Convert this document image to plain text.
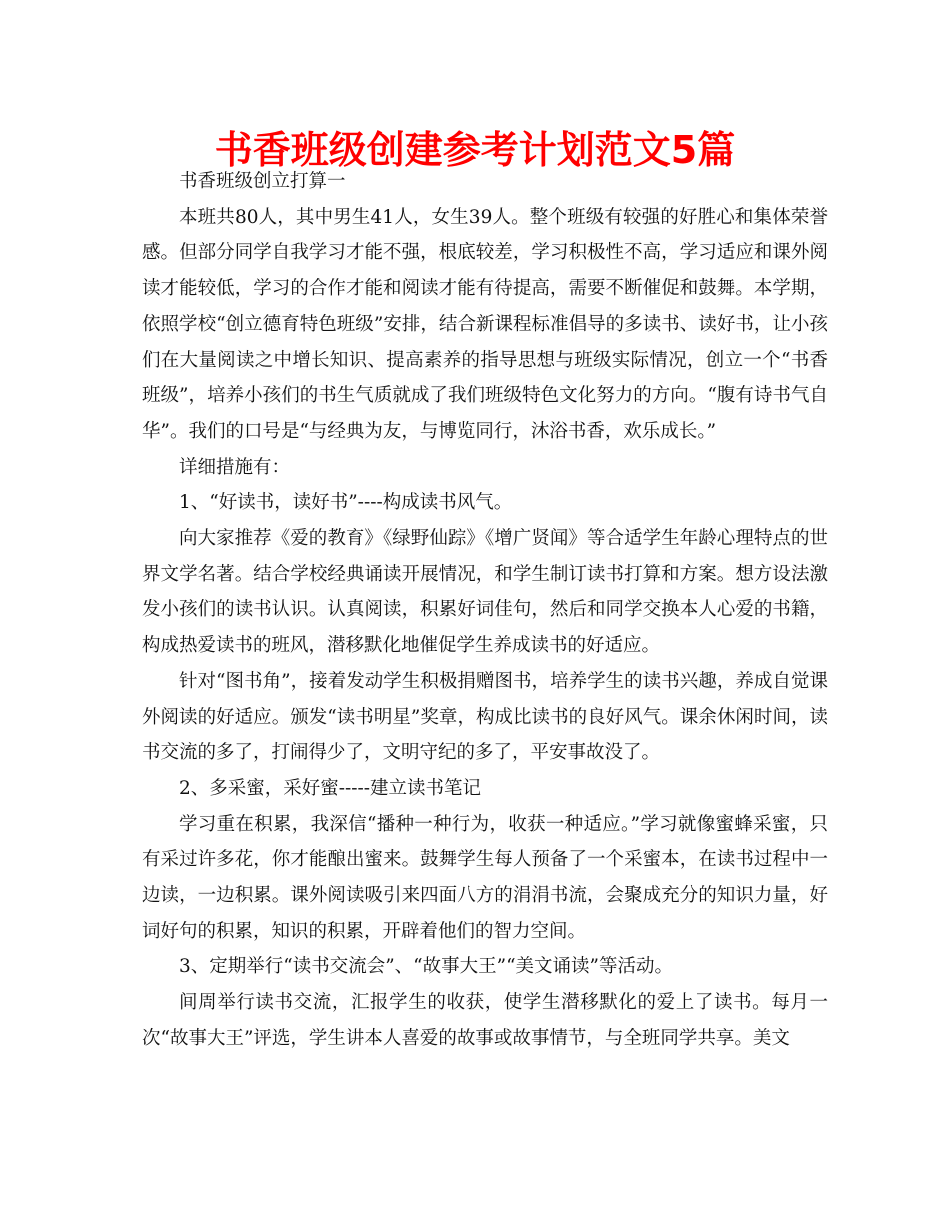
书香班级创建参考计划范文5篇

书香班级创立打算一

本班共80人，其中男生41人，女生39人。整个班级有较强的好胜心和集体荣誉感。但部分同学自我学习才能不强，根底较差，学习积极性不高，学习适应和课外阅读才能较低，学习的合作才能和阅读才能有待提高，需要不断催促和鼓舞。本学期，依照学校“创立德育特色班级”安排，结合新课程标准倡导的多读书、读好书，让小孩们在大量阅读之中增长知识、提高素养的指导思想与班级实际情况，创立一个“书香班级”，培养小孩们的书生气质就成了我们班级特色文化努力的方向。“腹有诗书气自华”。我们的口号是“与经典为友，与博览同行，沐浴书香，欢乐成长。”

详细措施有：

1、“好读书，读好书”----构成读书风气。

向大家推荐《爱的教育》《绿野仙踪》《增广贤闻》等合适学生年龄心理特点的世界文学名著。结合学校经典诵读开展情况，和学生制订读书打算和方案。想方设法激发小孩们的读书认识。认真阅读，积累好词佳句，然后和同学交换本人心爱的书籍，构成热爱读书的班风，潜移默化地催促学生养成读书的好适应。

针对“图书角”，接着发动学生积极捐赠图书，培养学生的读书兴趣，养成自觉课外阅读的好适应。颁发“读书明星”奖章，构成比读书的良好风气。课余休闲时间，读书交流的多了，打闹得少了，文明守纪的多了，平安事故没了。

2、多采蜜，采好蜜-----建立读书笔记

学习重在积累，我深信“播种一种行为，收获一种适应。”学习就像蜜蜂采蜜，只有采过许多花，你才能酿出蜜来。鼓舞学生每人预备了一个采蜜本，在读书过程中一边读，一边积累。课外阅读吸引来四面八方的涓涓书流，会聚成充分的知识力量，好词好句的积累，知识的积累，开辟着他们的智力空间。

3、定期举行“读书交流会”、“故事大王”“美文诵读”等活动。

间周举行读书交流，汇报学生的收获，使学生潜移默化的爱上了读书。每月一次“故事大王”评选，学生讲本人喜爱的故事或故事情节，与全班同学共享。美文
